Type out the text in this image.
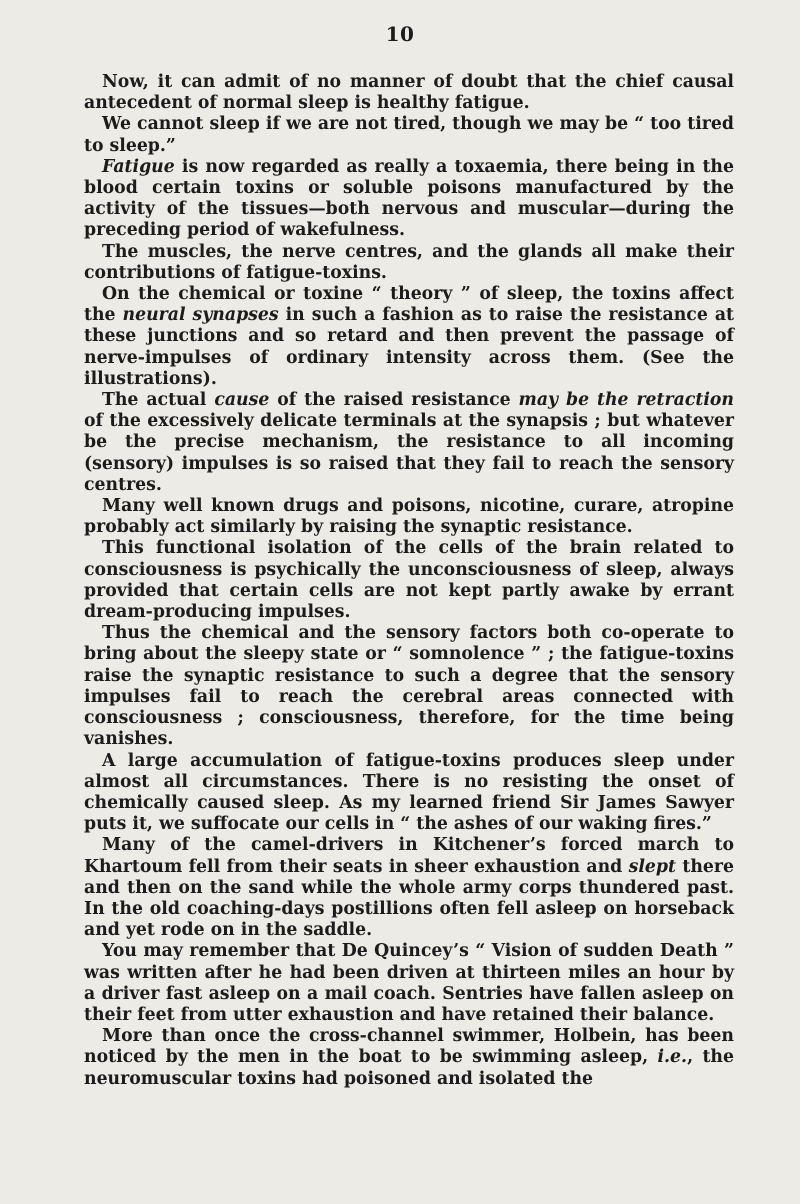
10

Now, it can admit of no manner of doubt that the chief causal antecedent of normal sleep is healthy fatigue.

We cannot sleep if we are not tired, though we may be “ too tired to sleep.”

Fatigue is now regarded as really a toxaemia, there being in the blood certain toxins or soluble poisons manufactured by the activity of the tissues—both nervous and muscular—during the preceding period of wakefulness.

The muscles, the nerve centres, and the glands all make their contributions of fatigue-toxins.

On the chemical or toxine “ theory ” of sleep, the toxins affect the neural synapses in such a fashion as to raise the resistance at these junctions and so retard and then prevent the passage of nerve-impulses of ordinary intensity across them. (See the illustrations).

The actual cause of the raised resistance may be the retraction of the excessively delicate terminals at the synapsis ; but whatever be the precise mechanism, the resistance to all incoming (sensory) impulses is so raised that they fail to reach the sensory centres.

Many well known drugs and poisons, nicotine, curare, atropine probably act similarly by raising the synaptic resistance.

This functional isolation of the cells of the brain related to consciousness is psychically the unconsciousness of sleep, always provided that certain cells are not kept partly awake by errant dream-producing impulses.

Thus the chemical and the sensory factors both co-operate to bring about the sleepy state or “ somnolence ” ; the fatigue-toxins raise the synaptic resistance to such a degree that the sensory impulses fail to reach the cerebral areas connected with consciousness ; consciousness, therefore, for the time being vanishes.

A large accumulation of fatigue-toxins produces sleep under almost all circumstances. There is no resisting the onset of chemically caused sleep. As my learned friend Sir James Sawyer puts it, we suffocate our cells in “ the ashes of our waking fires.”

Many of the camel-drivers in Kitchener’s forced march to Khartoum fell from their seats in sheer exhaustion and slept there and then on the sand while the whole army corps thundered past. In the old coaching-days postillions often fell asleep on horseback and yet rode on in the saddle.

You may remember that De Quincey’s “ Vision of sudden Death ” was written after he had been driven at thirteen miles an hour by a driver fast asleep on a mail coach. Sentries have fallen asleep on their feet from utter exhaustion and have retained their balance.

More than once the cross-channel swimmer, Holbein, has been noticed by the men in the boat to be swimming asleep, i.e., the neuromuscular toxins had poisoned and isolated the
